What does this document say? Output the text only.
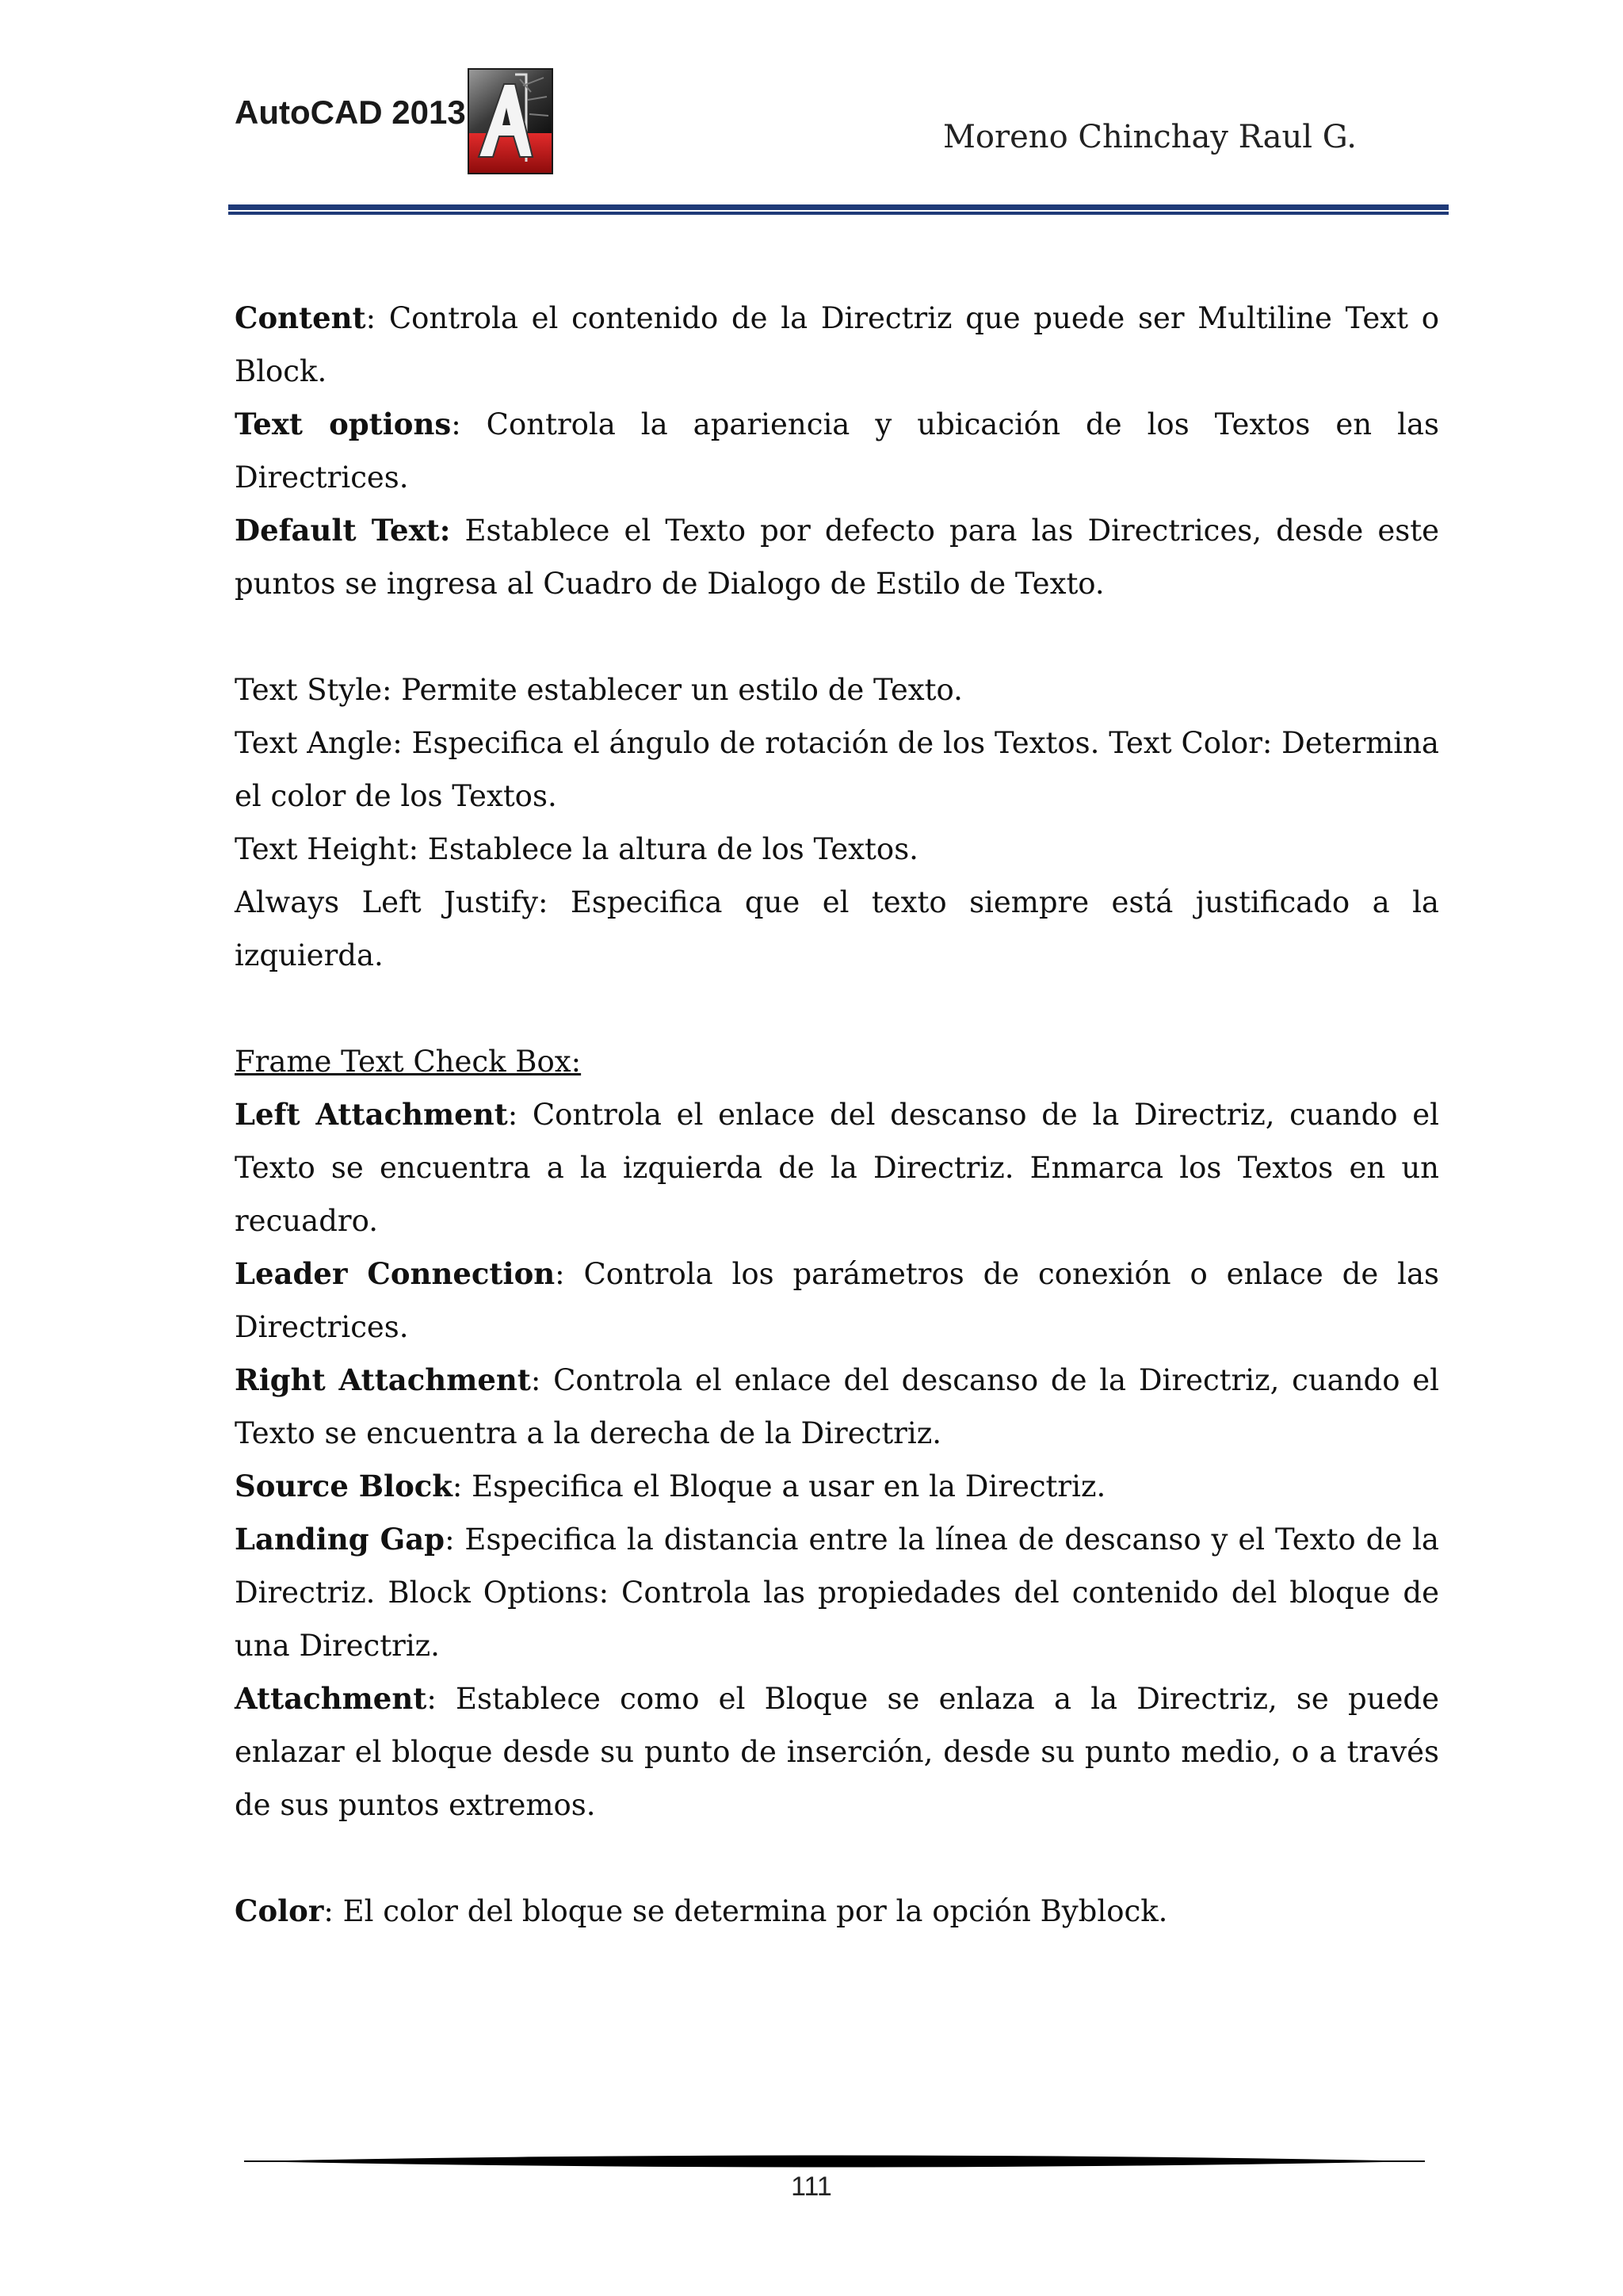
AutoCAD 2013
Moreno Chinchay Raul G.

Content: Controla el contenido de la Directriz que puede ser Multiline Text o Block.

Text options: Controla la apariencia y ubicación de los Textos en las Directrices.

Default Text: Establece el Texto por defecto para las Directrices, desde este puntos se ingresa al Cuadro de Dialogo de Estilo de Texto.

Text Style: Permite establecer un estilo de Texto.

Text Angle: Especifica el ángulo de rotación de los Textos. Text Color: Determina el color de los Textos.

Text Height: Establece la altura de los Textos.

Always Left Justify: Especifica que el texto siempre está justificado a la izquierda.

Frame Text Check Box:

Left Attachment: Controla el enlace del descanso de la Directriz, cuando el Texto se encuentra a la izquierda de la Directriz. Enmarca los Textos en un recuadro.

Leader Connection: Controla los parámetros de conexión o enlace de las Directrices.

Right Attachment: Controla el enlace del descanso de la Directriz, cuando el Texto se encuentra a la derecha de la Directriz.

Source Block: Especifica el Bloque a usar en la Directriz.

Landing Gap: Especifica la distancia entre la línea de descanso y el Texto de la Directriz. Block Options: Controla las propiedades del contenido del bloque de una Directriz.

Attachment: Establece como el Bloque se enlaza a la Directriz, se puede enlazar el bloque desde su punto de inserción, desde su punto medio, o a través de sus puntos extremos.

Color: El color del bloque se determina por la opción Byblock.

111
